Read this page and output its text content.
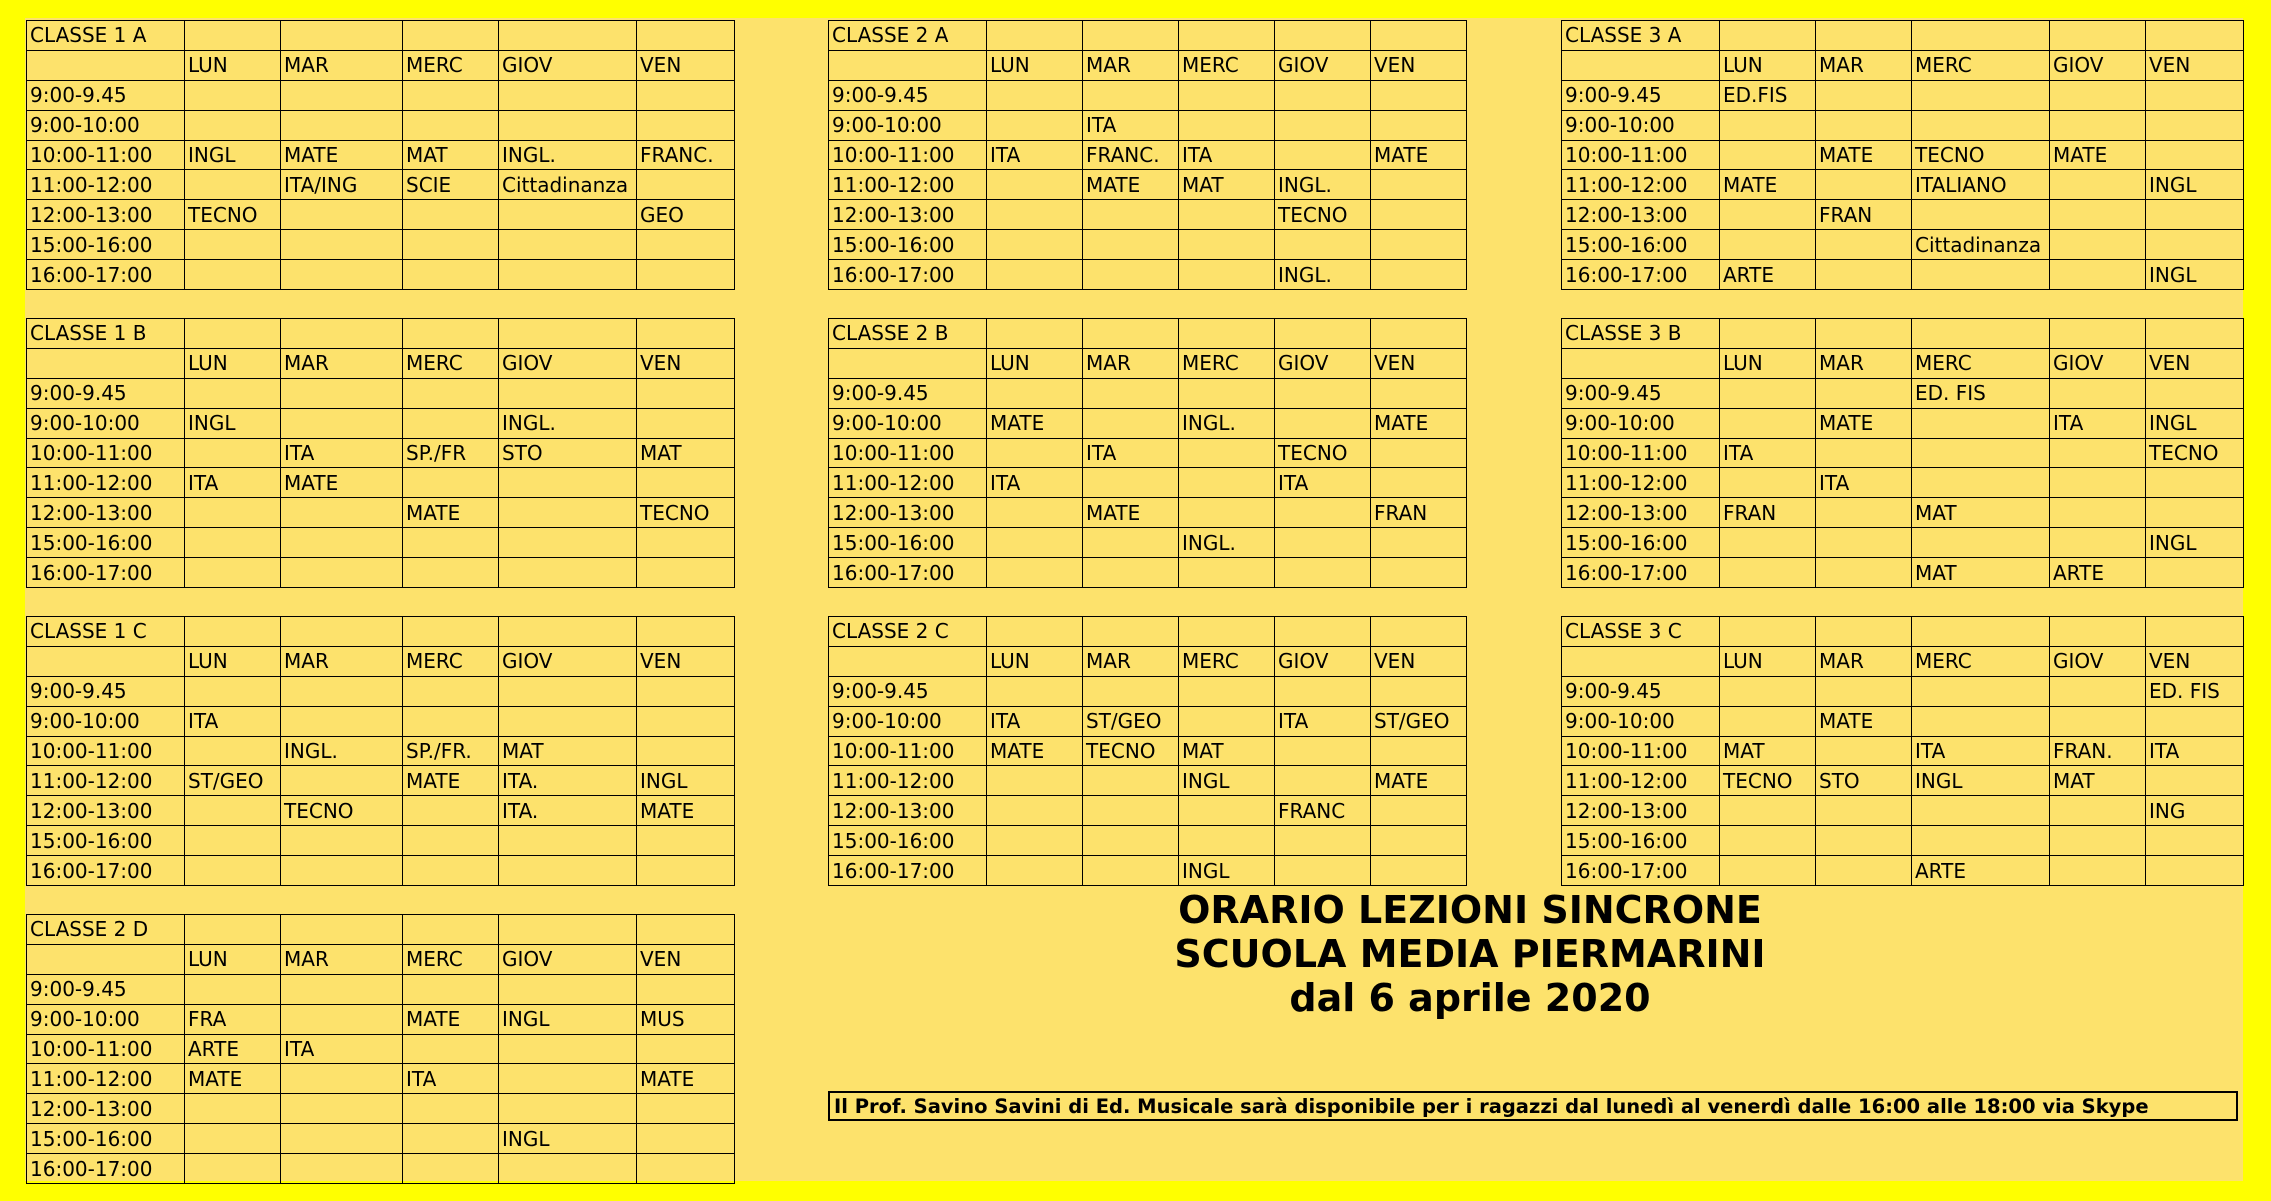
CLASSE 1 A					
	LUN	MAR	MERC	GIOV	VEN
9:00-9.45					
9:00-10:00					
10:00-11:00	INGL	MATE	MAT	INGL.	FRANC.
11:00-12:00		ITA/ING	SCIE	Cittadinanza	
12:00-13:00	TECNO				GEO
15:00-16:00					
16:00-17:00					
CLASSE 2 A					
	LUN	MAR	MERC	GIOV	VEN
9:00-9.45					
9:00-10:00		ITA			
10:00-11:00	ITA	FRANC.	ITA		MATE
11:00-12:00		MATE	MAT	INGL.	
12:00-13:00				TECNO	
15:00-16:00					
16:00-17:00				INGL.	
CLASSE 3 A					
	LUN	MAR	MERC	GIOV	VEN
9:00-9.45	ED.FIS				
9:00-10:00					
10:00-11:00		MATE	TECNO	MATE	
11:00-12:00	MATE		ITALIANO		INGL
12:00-13:00		FRAN			
15:00-16:00			Cittadinanza		
16:00-17:00	ARTE				INGL
CLASSE 1 B					
	LUN	MAR	MERC	GIOV	VEN
9:00-9.45					
9:00-10:00	INGL			INGL.	
10:00-11:00		ITA	SP./FR	STO	MAT
11:00-12:00	ITA	MATE			
12:00-13:00			MATE		TECNO
15:00-16:00					
16:00-17:00					
CLASSE 2 B					
	LUN	MAR	MERC	GIOV	VEN
9:00-9.45					
9:00-10:00	MATE		INGL.		MATE
10:00-11:00		ITA		TECNO	
11:00-12:00	ITA			ITA	
12:00-13:00		MATE			FRAN
15:00-16:00			INGL.		
16:00-17:00					
CLASSE 3 B					
	LUN	MAR	MERC	GIOV	VEN
9:00-9.45			ED. FIS		
9:00-10:00		MATE		ITA	INGL
10:00-11:00	ITA				TECNO
11:00-12:00		ITA			
12:00-13:00	FRAN		MAT		
15:00-16:00					INGL
16:00-17:00			MAT	ARTE	
CLASSE 1 C					
	LUN	MAR	MERC	GIOV	VEN
9:00-9.45					
9:00-10:00	ITA				
10:00-11:00		INGL.	SP./FR.	MAT	
11:00-12:00	ST/GEO		MATE	ITA.	INGL
12:00-13:00		TECNO		ITA.	MATE
15:00-16:00					
16:00-17:00					
CLASSE 2 C					
	LUN	MAR	MERC	GIOV	VEN
9:00-9.45					
9:00-10:00	ITA	ST/GEO		ITA	ST/GEO
10:00-11:00	MATE	TECNO	MAT		
11:00-12:00			INGL		MATE
12:00-13:00				FRANC	
15:00-16:00					
16:00-17:00			INGL		
CLASSE 3 C					
	LUN	MAR	MERC	GIOV	VEN
9:00-9.45					ED. FIS
9:00-10:00		MATE			
10:00-11:00	MAT		ITA	FRAN.	ITA
11:00-12:00	TECNO	STO	INGL	MAT	
12:00-13:00					ING
15:00-16:00					
16:00-17:00			ARTE		
CLASSE 2 D					
	LUN	MAR	MERC	GIOV	VEN
9:00-9.45					
9:00-10:00	FRA		MATE	INGL	MUS
10:00-11:00	ARTE	ITA			
11:00-12:00	MATE		ITA		MATE
12:00-13:00					
15:00-16:00				INGL	
16:00-17:00					
ORARIO LEZIONI SINCRONE
SCUOLA MEDIA PIERMARINI
dal 6 aprile 2020
Il Prof. Savino Savini di Ed. Musicale sarà disponibile per i ragazzi dal lunedì al venerdì dalle 16:00 alle 18:00 via Skype
